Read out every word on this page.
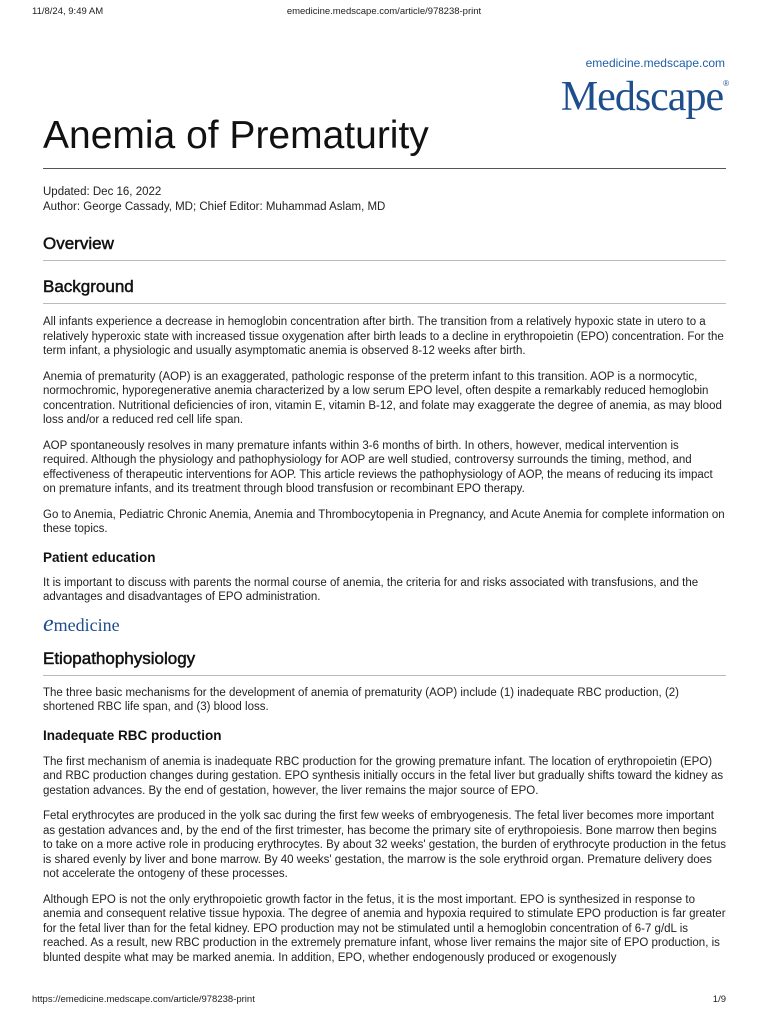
11/8/24, 9:49 AM	emedicine.medscape.com/article/978238-print
emedicine.medscape.com
Medscape®
Anemia of Prematurity
Updated: Dec 16, 2022
Author: George Cassady, MD; Chief Editor: Muhammad Aslam, MD
Overview
Background

All infants experience a decrease in hemoglobin concentration after birth. The transition from a relatively hypoxic state in utero to a relatively hyperoxic state with increased tissue oxygenation after birth leads to a decline in erythropoietin (EPO) concentration. For the term infant, a physiologic and usually asymptomatic anemia is observed 8-12 weeks after birth.

Anemia of prematurity (AOP) is an exaggerated, pathologic response of the preterm infant to this transition. AOP is a normocytic, normochromic, hyporegenerative anemia characterized by a low serum EPO level, often despite a remarkably reduced hemoglobin concentration. Nutritional deficiencies of iron, vitamin E, vitamin B-12, and folate may exaggerate the degree of anemia, as may blood loss and/or a reduced red cell life span.

AOP spontaneously resolves in many premature infants within 3-6 months of birth. In others, however, medical intervention is required. Although the physiology and pathophysiology for AOP are well studied, controversy surrounds the timing, method, and effectiveness of therapeutic interventions for AOP. This article reviews the pathophysiology of AOP, the means of reducing its impact on premature infants, and its treatment through blood transfusion or recombinant EPO therapy.

Go to Anemia, Pediatric Chronic Anemia, Anemia and Thrombocytopenia in Pregnancy, and Acute Anemia for complete information on these topics.

Patient education

It is important to discuss with parents the normal course of anemia, the criteria for and risks associated with transfusions, and the advantages and disadvantages of EPO administration.

emedicine
Etiopathophysiology

The three basic mechanisms for the development of anemia of prematurity (AOP) include (1) inadequate RBC production, (2) shortened RBC life span, and (3) blood loss.

Inadequate RBC production

The first mechanism of anemia is inadequate RBC production for the growing premature infant. The location of erythropoietin (EPO) and RBC production changes during gestation. EPO synthesis initially occurs in the fetal liver but gradually shifts toward the kidney as gestation advances. By the end of gestation, however, the liver remains the major source of EPO.

Fetal erythrocytes are produced in the yolk sac during the first few weeks of embryogenesis. The fetal liver becomes more important as gestation advances and, by the end of the first trimester, has become the primary site of erythropoiesis. Bone marrow then begins to take on a more active role in producing erythrocytes. By about 32 weeks' gestation, the burden of erythrocyte production in the fetus is shared evenly by liver and bone marrow. By 40 weeks' gestation, the marrow is the sole erythroid organ. Premature delivery does not accelerate the ontogeny of these processes.

Although EPO is not the only erythropoietic growth factor in the fetus, it is the most important. EPO is synthesized in response to anemia and consequent relative tissue hypoxia. The degree of anemia and hypoxia required to stimulate EPO production is far greater for the fetal liver than for the fetal kidney. EPO production may not be stimulated until a hemoglobin concentration of 6-7 g/dL is reached. As a result, new RBC production in the extremely premature infant, whose liver remains the major site of EPO production, is blunted despite what may be marked anemia. In addition, EPO, whether endogenously produced or exogenously

https://emedicine.medscape.com/article/978238-print	1/9
